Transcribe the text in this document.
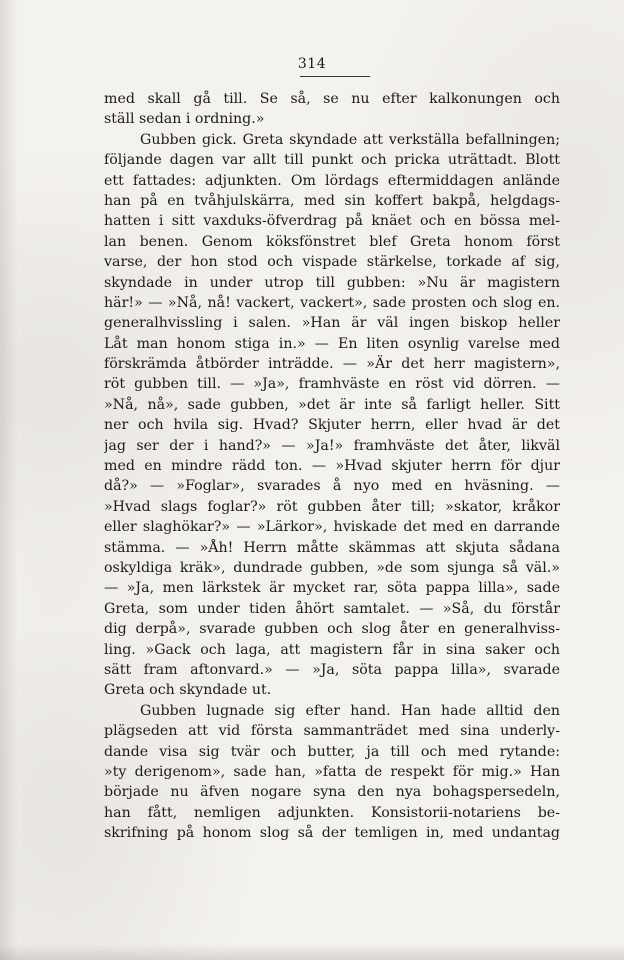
314
med skall gå till. Se så, se nu efter kalkonungen och
ställ sedan i ordning.»
Gubben gick. Greta skyndade att verkställa befallningen;
följande dagen var allt till punkt och pricka uträttadt. Blott
ett fattades: adjunkten. Om lördags eftermiddagen anlände
han på en tvåhjulskärra, med sin koffert bakpå, helgdags-
hatten i sitt vaxduks-öfverdrag på knäet och en bössa mel-
lan benen. Genom köksfönstret blef Greta honom först
varse, der hon stod och vispade stärkelse, torkade af sig,
skyndade in under utrop till gubben: »Nu är magistern
här!» — »Nå, nå! vackert, vackert», sade prosten och slog en.
generalhvissling i salen. »Han är väl ingen biskop heller
Låt man honom stiga in.» — En liten osynlig varelse med
förskrämda åtbörder inträdde. — »Är det herr magistern»,
röt gubben till. — »Ja», framhväste en röst vid dörren. —
»Nå, nå», sade gubben, »det är inte så farligt heller. Sitt
ner och hvila sig. Hvad? Skjuter herrn, eller hvad är det
jag ser der i hand?» — »Ja!» framhväste det åter, likväl
med en mindre rädd ton. — »Hvad skjuter herrn för djur
då?» — »Foglar», svarades å nyo med en hväsning. —
»Hvad slags foglar?» röt gubben åter till; »skator, kråkor
eller slaghökar?» — »Lärkor», hviskade det med en darrande
stämma. — »Åh! Herrn måtte skämmas att skjuta sådana
oskyldiga kräk», dundrade gubben, »de som sjunga så väl.»
— »Ja, men lärkstek är mycket rar, söta pappa lilla», sade
Greta, som under tiden åhört samtalet. — »Så, du förstår
dig derpå», svarade gubben och slog åter en generalhviss-
ling. »Gack och laga, att magistern får in sina saker och
sätt fram aftonvard.» — »Ja, söta pappa lilla», svarade
Greta och skyndade ut.
Gubben lugnade sig efter hand. Han hade alltid den
plägseden att vid första sammanträdet med sina underly-
dande visa sig tvär och butter, ja till och med rytande:
»ty derigenom», sade han, »fatta de respekt för mig.» Han
började nu äfven nogare syna den nya bohagspersedeln,
han fått, nemligen adjunkten. Konsistorii-notariens be-
skrifning på honom slog så der temligen in, med undantag
